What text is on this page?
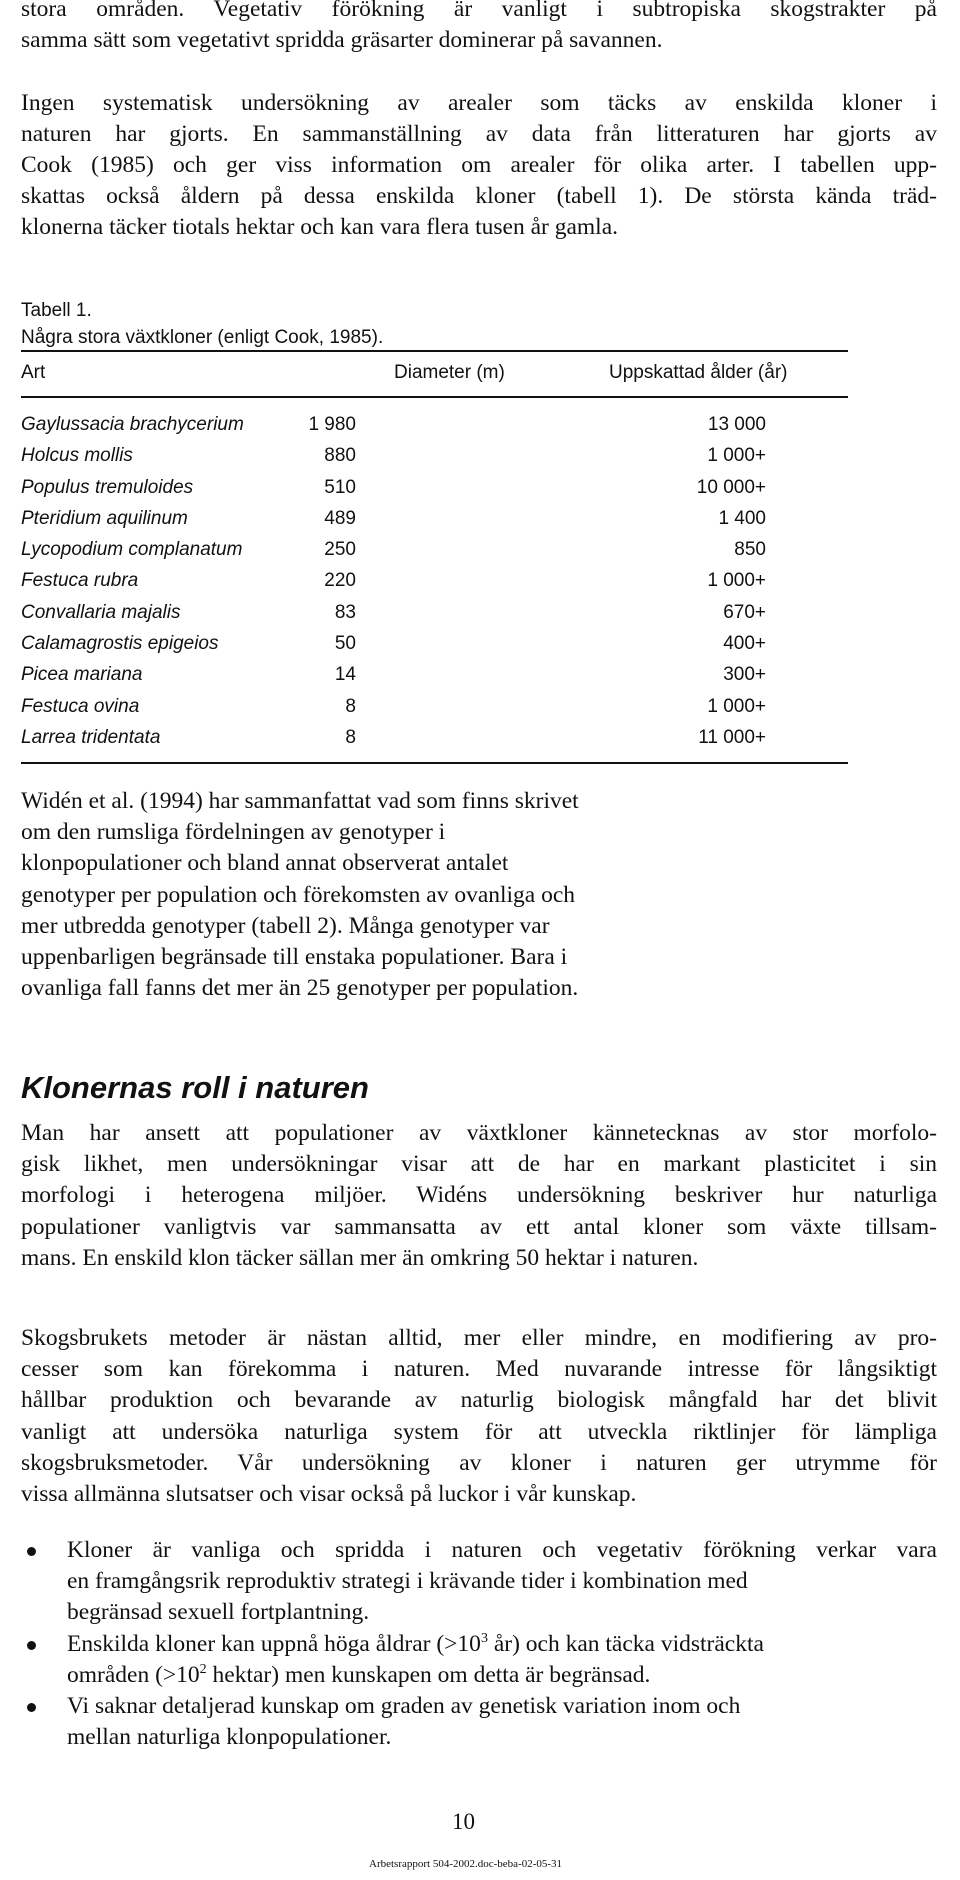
stora områden. Vegetativ förökning är vanligt i subtropiska skogstrakter på
samma sätt som vegetativt spridda gräsarter dominerar på savannen.

Ingen systematisk undersökning av arealer som täcks av enskilda kloner i
naturen har gjorts. En sammanställning av data från litteraturen har gjorts av
Cook (1985) och ger viss information om arealer för olika arter. I tabellen upp-
skattas också åldern på dessa enskilda kloner (tabell 1). De största kända träd-
klonerna täcker tiotals hektar och kan vara flera tusen år gamla.
Tabell 1.
Några stora växtkloner (enligt Cook, 1985).
Art	Diameter (m)	Uppskattad ålder (år)
Gaylussacia brachycerium	1 980	13 000
Holcus mollis	880	1 000+
Populus tremuloides	510	10 000+
Pteridium aquilinum	489	1 400
Lycopodium complanatum	250	850
Festuca rubra	220	1 000+
Convallaria majalis	83	670+
Calamagrostis epigeios	50	400+
Picea mariana	14	300+
Festuca ovina	8	1 000+
Larrea tridentata	8	11 000+
Widén et al. (1994) har sammanfattat vad som finns skrivet
om den rumsliga fördelningen av genotyper i
klonpopulationer och bland annat observerat antalet
genotyper per population och förekomsten av ovanliga och
mer utbredda genotyper (tabell 2). Många genotyper var
uppenbarligen begränsade till enstaka populationer. Bara i
ovanliga fall fanns det mer än 25 genotyper per population.
Klonernas roll i naturen
Man har ansett att populationer av växtkloner kännetecknas av stor morfolo-
gisk likhet, men undersökningar visar att de har en markant plasticitet i sin
morfologi i heterogena miljöer. Widéns undersökning beskriver hur naturliga
populationer vanligtvis var sammansatta av ett antal kloner som växte tillsam-
mans. En enskild klon täcker sällan mer än omkring 50 hektar i naturen.
Skogsbrukets metoder är nästan alltid, mer eller mindre, en modifiering av pro-
cesser som kan förekomma i naturen. Med nuvarande intresse för långsiktigt
hållbar produktion och bevarande av naturlig biologisk mångfald har det blivit
vanligt att undersöka naturliga system för att utveckla riktlinjer för lämpliga
skogsbruksmetoder. Vår undersökning av kloner i naturen ger utrymme för
vissa allmänna slutsatser och visar också på luckor i vår kunskap.
Kloner är vanliga och spridda i naturen och vegetativ förökning verkar vara
en framgångsrik reproduktiv strategi i krävande tider i kombination med
begränsad sexuell fortplantning.
Enskilda kloner kan uppnå höga åldrar ($>10^3$ år) och kan täcka vidsträckta
områden ($>10^2$ hektar) men kunskapen om detta är begränsad.
Vi saknar detaljerad kunskap om graden av genetisk variation inom och
mellan naturliga klonpopulationer.
10
Arbetsrapport 504-2002.doc-beba-02-05-31
